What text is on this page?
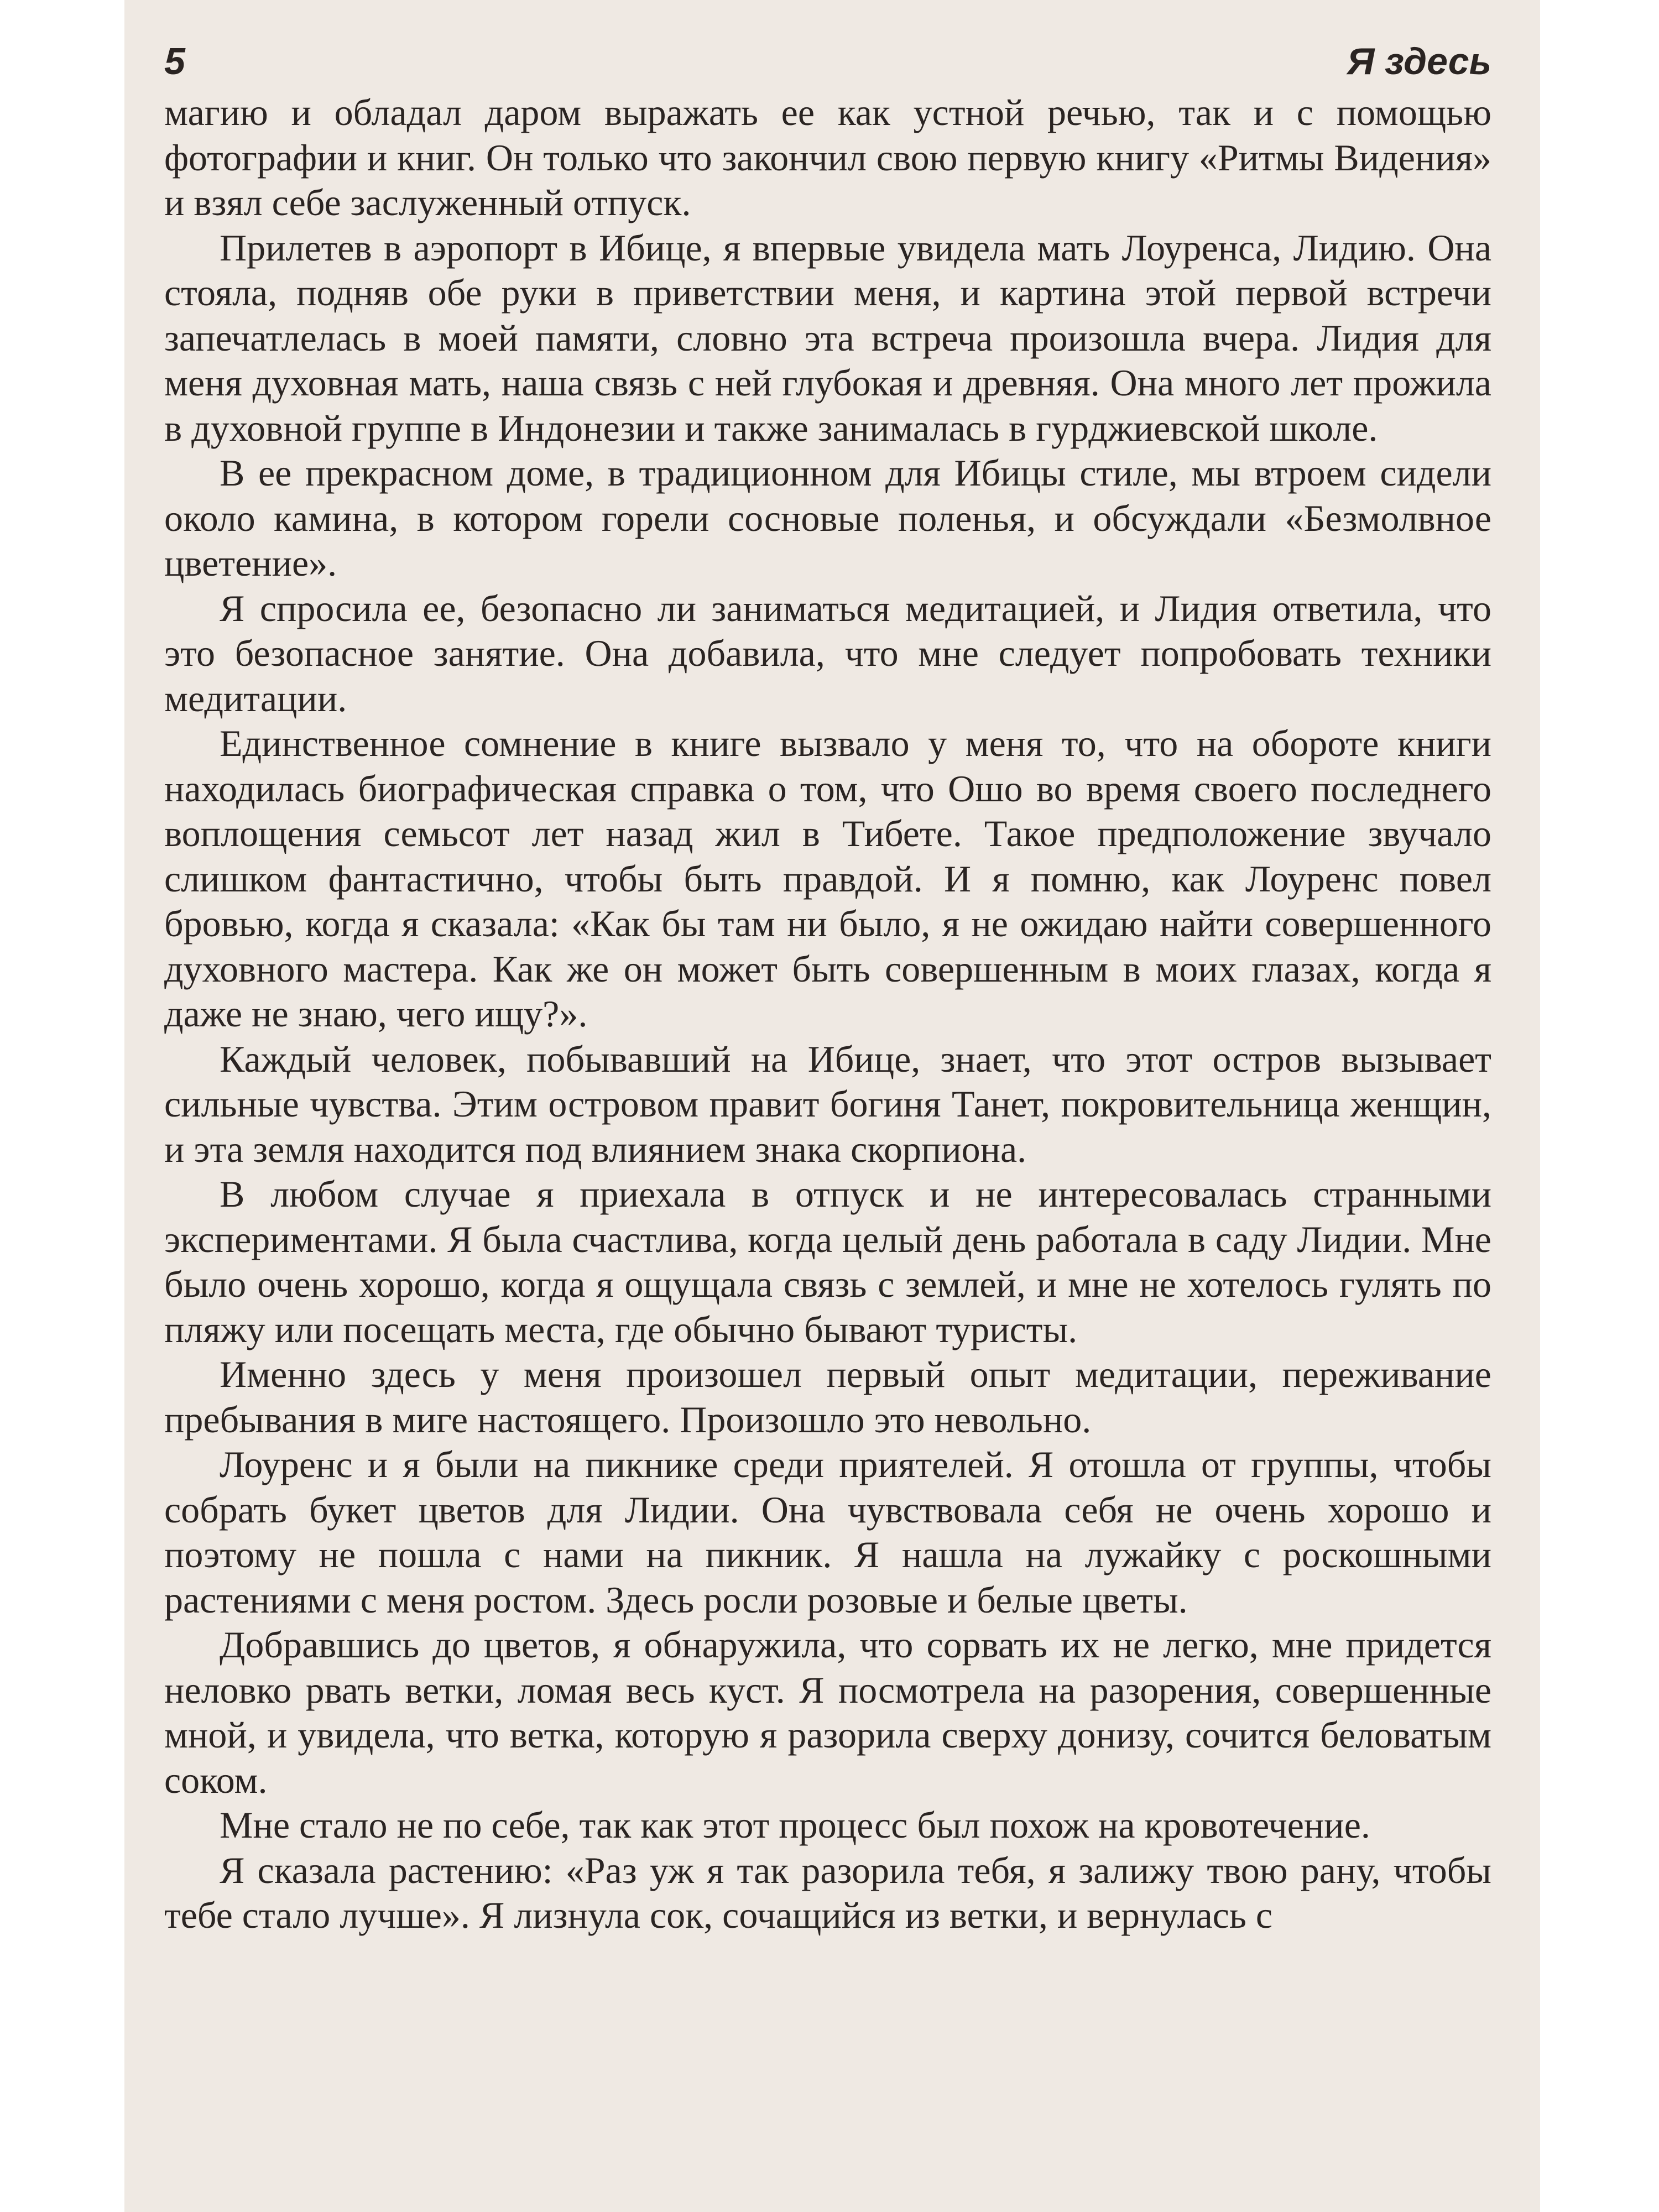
5	Я здесь

магию и обладал даром выражать ее как устной речью, так и с помощью фотографии и книг. Он только что закончил свою первую книгу «Ритмы Видения» и взял себе заслуженный отпуск.

Прилетев в аэропорт в Ибице, я впервые увидела мать Лоуренса, Лидию. Она стояла, подняв обе руки в приветствии меня, и картина этой первой встречи запечатлелась в моей памяти, словно эта встреча произошла вчера. Лидия для меня духовная мать, наша связь с ней глубокая и древняя. Она много лет прожила в духовной группе в Индонезии и также занималась в гурджиевской школе.

В ее прекрасном доме, в традиционном для Ибицы стиле, мы втроем сидели около камина, в котором горели сосновые поленья, и обсуждали «Безмолвное цветение».

Я спросила ее, безопасно ли заниматься медитацией, и Лидия ответила, что это безопасное занятие. Она добавила, что мне следует попробовать техники медитации.

Единственное сомнение в книге вызвало у меня то, что на обороте книги находилась биографическая справка о том, что Ошо во время своего последнего воплощения семьсот лет назад жил в Тибете. Такое предположение звучало слишком фантастично, чтобы быть правдой. И я помню, как Лоуренс повел бровью, когда я сказала: «Как бы там ни было, я не ожидаю найти совершенного духовного мастера. Как же он может быть совершенным в моих глазах, когда я даже не знаю, чего ищу?».

Каждый человек, побывавший на Ибице, знает, что этот остров вызывает сильные чувства. Этим островом правит богиня Танет, покровительница женщин, и эта земля находится под влиянием знака скорпиона.

В любом случае я приехала в отпуск и не интересовалась странными экспериментами. Я была счастлива, когда целый день работала в саду Лидии. Мне было очень хорошо, когда я ощущала связь с землей, и мне не хотелось гулять по пляжу или посещать места, где обычно бывают туристы.

Именно здесь у меня произошел первый опыт медитации, переживание пребывания в миге настоящего. Произошло это невольно.

Лоуренс и я были на пикнике среди приятелей. Я отошла от группы, чтобы собрать букет цветов для Лидии. Она чувствовала себя не очень хорошо и поэтому не пошла с нами на пикник. Я нашла на лужайку с роскошными растениями с меня ростом. Здесь росли розовые и белые цветы.

Добравшись до цветов, я обнаружила, что сорвать их не легко, мне придется неловко рвать ветки, ломая весь куст. Я посмотрела на разорения, совершенные мной, и увидела, что ветка, которую я разорила сверху донизу, сочится беловатым соком.

Мне стало не по себе, так как этот процесс был похож на кровотечение.

Я сказала растению: «Раз уж я так разорила тебя, я залижу твою рану, чтобы тебе стало лучше». Я лизнула сок, сочащийся из ветки, и вернулась с
